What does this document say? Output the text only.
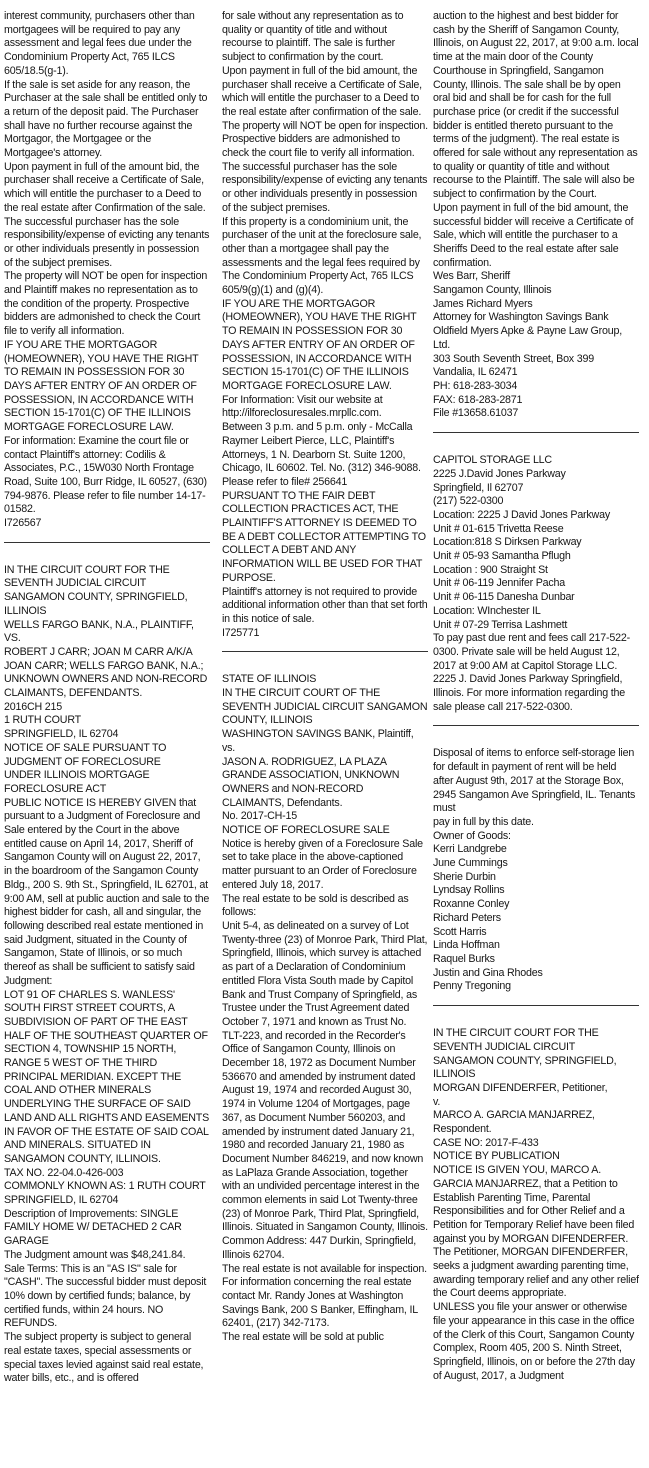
interest community, purchasers other than mortgagees will be required to pay any assessment and legal fees due under the Condominium Property Act, 765 ILCS 605/18.5(g-1).

If the sale is set aside for any reason, the Purchaser at the sale shall be entitled only to a return of the deposit paid. The Purchaser shall have no further recourse against the Mortgagor, the Mortgagee or the Mortgagee's attorney.

Upon payment in full of the amount bid, the purchaser shall receive a Certificate of Sale, which will entitle the purchaser to a Deed to the real estate after Confirmation of the sale. The successful purchaser has the sole responsibility/expense of evicting any tenants or other individuals presently in possession of the subject premises.

The property will NOT be open for inspection and Plaintiff makes no representation as to the condition of the property. Prospective bidders are admonished to check the Court file to verify all information.

IF YOU ARE THE MORTGAGOR (HOMEOWNER), YOU HAVE THE RIGHT TO REMAIN IN POSSESSION FOR 30 DAYS AFTER ENTRY OF AN ORDER OF POSSESSION, IN ACCORDANCE WITH SECTION 15-1701(C) OF THE ILLINOIS MORTGAGE FORECLOSURE LAW.

For information: Examine the court file or contact Plaintiff's attorney: Codilis & Associates, P.C., 15W030 North Frontage Road, Suite 100, Burr Ridge, IL 60527, (630) 794-9876. Please refer to file number 14-17-01582.

I726567

IN THE CIRCUIT COURT FOR THE SEVENTH JUDICIAL CIRCUIT

SANGAMON COUNTY, SPRINGFIELD, ILLINOIS

WELLS FARGO BANK, N.A., PLAINTIFF,

VS.

ROBERT J CARR; JOAN M CARR A/K/A JOAN CARR; WELLS FARGO BANK, N.A.; UNKNOWN OWNERS AND NON-RECORD CLAIMANTS, DEFENDANTS.

2016CH 215

1 RUTH COURT

SPRINGFIELD, IL 62704

NOTICE OF SALE PURSUANT TO JUDGMENT OF FORECLOSURE

UNDER ILLINOIS MORTGAGE FORECLOSURE ACT

PUBLIC NOTICE IS HEREBY GIVEN that pursuant to a Judgment of Foreclosure and Sale entered by the Court in the above entitled cause on April 14, 2017, Sheriff of Sangamon County will on August 22, 2017, in the boardroom of the Sangamon County Bldg., 200 S. 9th St., Springfield, IL 62701, at 9:00 AM, sell at public auction and sale to the highest bidder for cash, all and singular, the following described real estate mentioned in said Judgment, situated in the County of Sangamon, State of Illinois, or so much thereof as shall be sufficient to satisfy said Judgment:

LOT 91 OF CHARLES S. WANLESS' SOUTH FIRST STREET COURTS, A SUBDIVISION OF PART OF THE EAST HALF OF THE SOUTHEAST QUARTER OF SECTION 4, TOWNSHIP 15 NORTH, RANGE 5 WEST OF THE THIRD PRINCIPAL MERIDIAN. EXCEPT THE COAL AND OTHER MINERALS UNDERLYING THE SURFACE OF SAID LAND AND ALL RIGHTS AND EASEMENTS IN FAVOR OF THE ESTATE OF SAID COAL AND MINERALS. SITUATED IN SANGAMON COUNTY, ILLINOIS.

TAX NO. 22-04.0-426-003

COMMONLY KNOWN AS: 1 RUTH COURT SPRINGFIELD, IL 62704

Description of Improvements: SINGLE FAMILY HOME W/ DETACHED 2 CAR GARAGE

The Judgment amount was $48,241.84.

Sale Terms: This is an "AS IS" sale for "CASH". The successful bidder must deposit 10% down by certified funds; balance, by certified funds, within 24 hours. NO REFUNDS.

The subject property is subject to general real estate taxes, special assessments or special taxes levied against said real estate, water bills, etc., and is offered

for sale without any representation as to quality or quantity of title and without recourse to plaintiff. The sale is further subject to confirmation by the court.

Upon payment in full of the bid amount, the purchaser shall receive a Certificate of Sale, which will entitle the purchaser to a Deed to the real estate after confirmation of the sale.

The property will NOT be open for inspection. Prospective bidders are admonished to check the court file to verify all information.

The successful purchaser has the sole responsibility/expense of evicting any tenants or other individuals presently in possession of the subject premises.

If this property is a condominium unit, the purchaser of the unit at the foreclosure sale, other than a mortgagee shall pay the assessments and the legal fees required by The Condominium Property Act, 765 ILCS 605/9(g)(1) and (g)(4).

IF YOU ARE THE MORTGAGOR (HOMEOWNER), YOU HAVE THE RIGHT TO REMAIN IN POSSESSION FOR 30 DAYS AFTER ENTRY OF AN ORDER OF POSSESSION, IN ACCORDANCE WITH SECTION 15-1701(C) OF THE ILLINOIS MORTGAGE FORECLOSURE LAW.

For Information: Visit our website at http://ilforeclosuresales.mrpllc.com.

Between 3 p.m. and 5 p.m. only - McCalla Raymer Leibert Pierce, LLC, Plaintiff's Attorneys, 1 N. Dearborn St. Suite 1200, Chicago, IL 60602. Tel. No. (312) 346-9088. Please refer to file# 256641

PURSUANT TO THE FAIR DEBT COLLECTION PRACTICES ACT, THE PLAINTIFF'S ATTORNEY IS DEEMED TO BE A DEBT COLLECTOR ATTEMPTING TO COLLECT A DEBT AND ANY INFORMATION WILL BE USED FOR THAT PURPOSE.

Plaintiff's attorney is not required to provide additional information other than that set forth in this notice of sale.

I725771

STATE OF ILLINOIS

IN THE CIRCUIT COURT OF THE SEVENTH JUDICIAL CIRCUIT SANGAMON COUNTY, ILLINOIS

WASHINGTON SAVINGS BANK, Plaintiff,

vs.

JASON A. RODRIGUEZ, LA PLAZA GRANDE ASSOCIATION, UNKNOWN OWNERS and NON-RECORD CLAIMANTS, Defendants.

No. 2017-CH-15

NOTICE OF FORECLOSURE SALE

Notice is hereby given of a Foreclosure Sale set to take place in the above-captioned matter pursuant to an Order of Foreclosure entered July 18, 2017.

The real estate to be sold is described as follows:

Unit 5-4, as delineated on a survey of Lot Twenty-three (23) of Monroe Park, Third Plat, Springfield, Illinois, which survey is attached as part of a Declaration of Condominium entitled Flora Vista South made by Capitol Bank and Trust Company of Springfield, as Trustee under the Trust Agreement dated October 7, 1971 and known as Trust No. TLT-223, and recorded in the Recorder's Office of Sangamon County, Illinois on December 18, 1972 as Document Number 536670 and amended by instrument dated August 19, 1974 and recorded August 30, 1974 in Volume 1204 of Mortgages, page 367, as Document Number 560203, and amended by instrument dated January 21, 1980 and recorded January 21, 1980 as Document Number 846219, and now known as LaPlaza Grande Association, together with an undivided percentage interest in the common elements in said Lot Twenty-three (23) of Monroe Park, Third Plat, Springfield, Illinois. Situated in Sangamon County, Illinois.

Common Address: 447 Durkin, Springfield, Illinois 62704.

The real estate is not available for inspection. For information concerning the real estate contact Mr. Randy Jones at Washington Savings Bank, 200 S Banker, Effingham, IL 62401, (217) 342-7173.

The real estate will be sold at public

auction to the highest and best bidder for cash by the Sheriff of Sangamon County, Illinois, on August 22, 2017, at 9:00 a.m. local time at the main door of the County Courthouse in Springfield, Sangamon County, Illinois. The sale shall be by open oral bid and shall be for cash for the full purchase price (or credit if the successful bidder is entitled thereto pursuant to the terms of the judgment). The real estate is offered for sale without any representation as to quality or quantity of title and without recourse to the Plaintiff. The sale will also be subject to confirmation by the Court.

Upon payment in full of the bid amount, the successful bidder will receive a Certificate of Sale, which will entitle the purchaser to a Sheriffs Deed to the real estate after sale confirmation.

Wes Barr, Sheriff

Sangamon County, Illinois

James Richard Myers

Attorney for Washington Savings Bank

Oldfield Myers Apke & Payne Law Group, Ltd.

303 South Seventh Street, Box 399

Vandalia, IL 62471

PH: 618-283-3034

FAX: 618-283-2871

File #13658.61037

CAPITOL STORAGE LLC

2225 J.David Jones Parkway

Springfield, Il 62707

(217) 522-0300

Location: 2225 J David Jones Parkway

Unit # 01-615 Trivetta Reese

Location:818 S Dirksen Parkway

Unit # 05-93 Samantha Pflugh

Location : 900 Straight St

Unit # 06-119 Jennifer Pacha

Unit # 06-115 Danesha Dunbar

Location: WInchester IL

Unit # 07-29 Terrisa Lashmett

To pay past due rent and fees call 217-522-0300. Private sale will be held August 12, 2017 at 9:00 AM at Capitol Storage LLC. 2225 J. David Jones Parkway Springfield, Illinois. For more information regarding the sale please call 217-522-0300.

Disposal of items to enforce self-storage lien for default in payment of rent will be held after August 9th, 2017 at the Storage Box, 2945 Sangamon Ave Springfield, IL. Tenants must

pay in full by this date.

Owner of Goods:

Kerri Landgrebe

June Cummings

Sherie Durbin

Lyndsay Rollins

Roxanne Conley

Richard Peters

Scott Harris

Linda Hoffman

Raquel Burks

Justin and Gina Rhodes

Penny Tregoning

IN THE CIRCUIT COURT FOR THE SEVENTH JUDICIAL CIRCUIT

SANGAMON COUNTY, SPRINGFIELD, ILLINOIS

MORGAN DIFENDERFER, Petitioner,

v.

MARCO A. GARCIA MANJARREZ, Respondent.

CASE NO: 2017-F-433

NOTICE BY PUBLICATION

NOTICE IS GIVEN YOU, MARCO A. GARCIA MANJARREZ, that a Petition to Establish Parenting Time, Parental Responsibilities and for Other Relief and a Petition for Temporary Relief have been filed against you by MORGAN DIFENDERFER. The Petitioner, MORGAN DIFENDERFER, seeks a judgment awarding parenting time, awarding temporary relief and any other relief the Court deems appropriate.

UNLESS you file your answer or otherwise file your appearance in this case in the office of the Clerk of this Court, Sangamon County Complex, Room 405, 200 S. Ninth Street, Springfield, Illinois, on or before the 27th day of August, 2017, a Judgment
